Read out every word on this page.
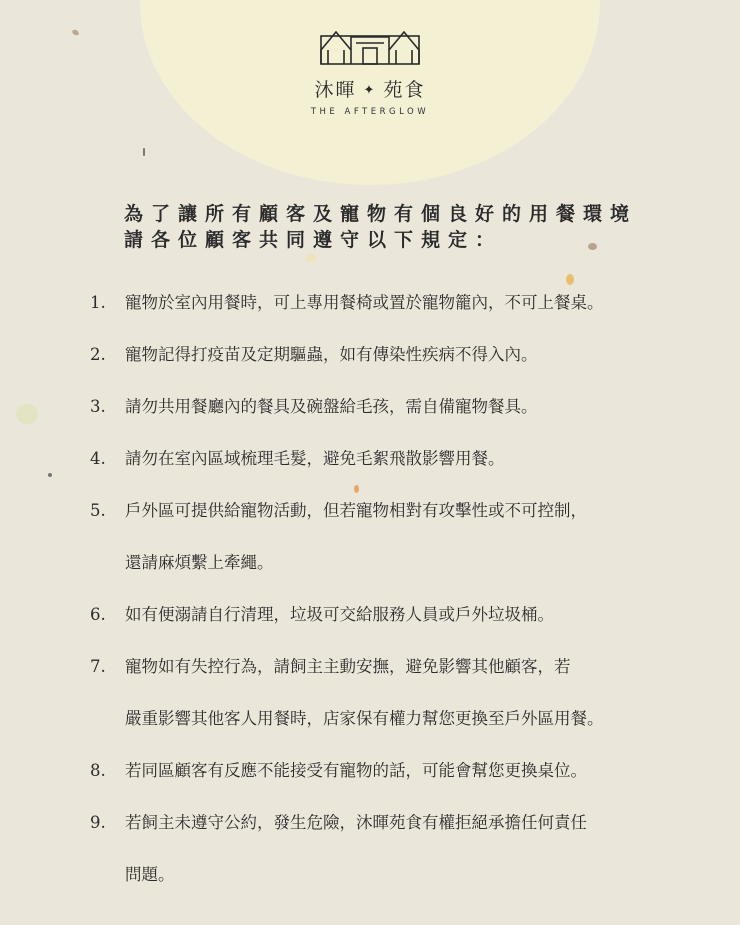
沐暉 ✦ 苑食
THE AFTERGLOW
為了讓所有顧客及寵物有個良好的用餐環境
請各位顧客共同遵守以下規定：
1.	寵物於室內用餐時，可上專用餐椅或置於寵物籠內，不可上餐桌。
2.	寵物記得打疫苗及定期驅蟲，如有傳染性疾病不得入內。
3.	請勿共用餐廳內的餐具及碗盤給毛孩，需自備寵物餐具。
4.	請勿在室內區域梳理毛髮，避免毛絮飛散影響用餐。
5.	戶外區可提供給寵物活動，但若寵物相對有攻擊性或不可控制，
還請麻煩繫上牽繩。
6.	如有便溺請自行清理，垃圾可交給服務人員或戶外垃圾桶。
7.	寵物如有失控行為，請飼主主動安撫，避免影響其他顧客，若
嚴重影響其他客人用餐時，店家保有權力幫您更換至戶外區用餐。
8.	若同區顧客有反應不能接受有寵物的話，可能會幫您更換桌位。
9.	若飼主未遵守公約，發生危險，沐暉苑食有權拒絕承擔任何責任
問題。
